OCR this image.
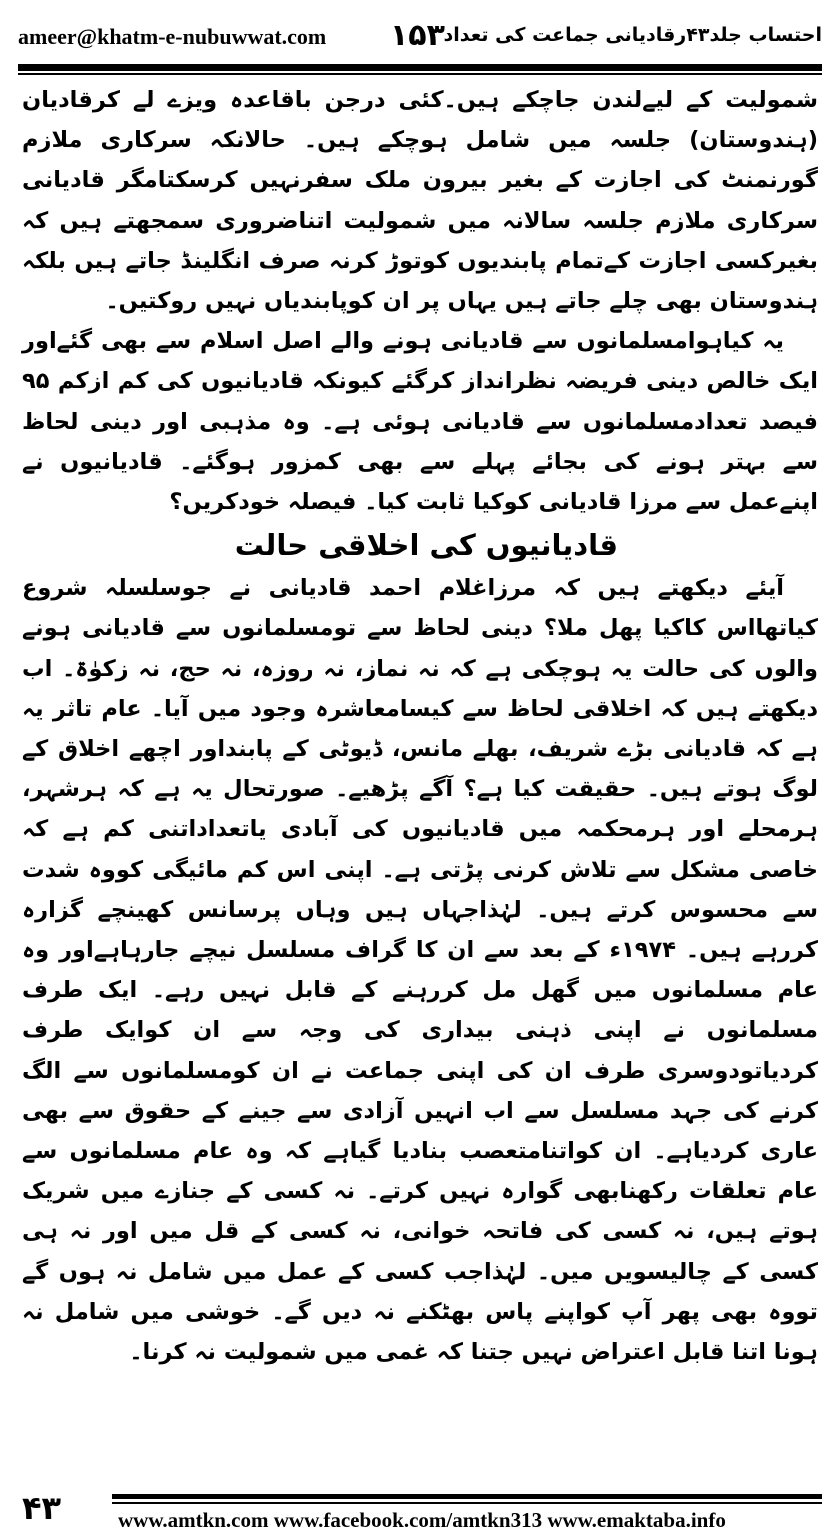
ameer@khatm-e-nubuwwat.com ۱۵۳
احتساب جلد۴۳رقادیانی جماعت کی تعداد

شمولیت کے لیےلندن جاچکے ہیں۔کئی درجن باقاعدہ ویزے لے کرقادیان (ہندوستان) جلسہ میں شامل ہوچکے ہیں۔ حالانکہ سرکاری ملازم گورنمنٹ کی اجازت کے بغیر بیرون ملک سفرنہیں کرسکتامگر قادیانی سرکاری ملازم جلسہ سالانہ میں شمولیت اتناضروری سمجھتے ہیں کہ بغیرکسی اجازت کےتمام پابندیوں کوتوڑ کرنہ صرف انگلینڈ جاتے ہیں بلکہ ہندوستان بھی چلے جاتے ہیں یہاں پر ان کوپابندیاں نہیں روکتیں۔

یہ کیاہوامسلمانوں سے قادیانی ہونے والے اصل اسلام سے بھی گئےاور ایک خالص دینی فریضہ نظرانداز کرگئے کیونکہ قادیانیوں کی کم ازکم ۹۵ فیصد تعدادمسلمانوں سے قادیانی ہوئی ہے۔ وہ مذہبی اور دینی لحاظ سے بہتر ہونے کی بجائے پہلے سے بھی کمزور ہوگئے۔ قادیانیوں نے اپنےعمل سے مرزا قادیانی کوکیا ثابت کیا۔ فیصلہ خودکریں؟

قادیانیوں کی اخلاقی حالت

آیئے دیکھتے ہیں کہ مرزاغلام احمد قادیانی نے جوسلسلہ شروع کیاتھااس کاکیا پھل ملا؟ دینی لحاظ سے تومسلمانوں سے قادیانی ہونے والوں کی حالت یہ ہوچکی ہے کہ نہ نماز، نہ روزہ، نہ حج، نہ زکوٰۃ۔ اب دیکھتے ہیں کہ اخلاقی لحاظ سے کیسامعاشرہ وجود میں آیا۔ عام تاثر یہ ہے کہ قادیانی بڑے شریف، بھلے مانس، ڈیوٹی کے پابنداور اچھے اخلاق کے لوگ ہوتے ہیں۔ حقیقت کیا ہے؟ آگے پڑھیے۔ صورتحال یہ ہے کہ ہرشہر، ہرمحلے اور ہرمحکمہ میں قادیانیوں کی آبادی یاتعداداتنی کم ہے کہ خاصی مشکل سے تلاش کرنی پڑتی ہے۔ اپنی اس کم مائیگی کووہ شدت سے محسوس کرتے ہیں۔ لہٰذاجہاں ہیں وہاں پرسانس کھینچے گزارہ کررہے ہیں۔ ۱۹۷۴ء کے بعد سے ان کا گراف مسلسل نیچے جارہاہےاور وہ عام مسلمانوں میں گھل مل کررہنے کے قابل نہیں رہے۔ ایک طرف مسلمانوں نے اپنی ذہنی بیداری کی وجہ سے ان کوایک طرف کردیاتودوسری طرف ان کی اپنی جماعت نے ان کومسلمانوں سے الگ کرنے کی جہد مسلسل سے اب انہیں آزادی سے جینے کے حقوق سے بھی عاری کردیاہے۔ ان کواتنامتعصب بنادیا گیاہے کہ وہ عام مسلمانوں سے عام تعلقات رکھنابھی گوارہ نہیں کرتے۔ نہ کسی کے جنازے میں شریک ہوتے ہیں، نہ کسی کی فاتحہ خوانی، نہ کسی کے قل میں اور نہ ہی کسی کے چالیسویں میں۔ لہٰذاجب کسی کے عمل میں شامل نہ ہوں گے تووہ بھی پھر آپ کواپنے پاس بھٹکنے نہ دیں گے۔ خوشی میں شامل نہ ہونا اتنا قابل اعتراض نہیں جتنا کہ غمی میں شمولیت نہ کرنا۔

۴۳	www.amtkn.com www.facebook.com/amtkn313 www.emaktaba.info
